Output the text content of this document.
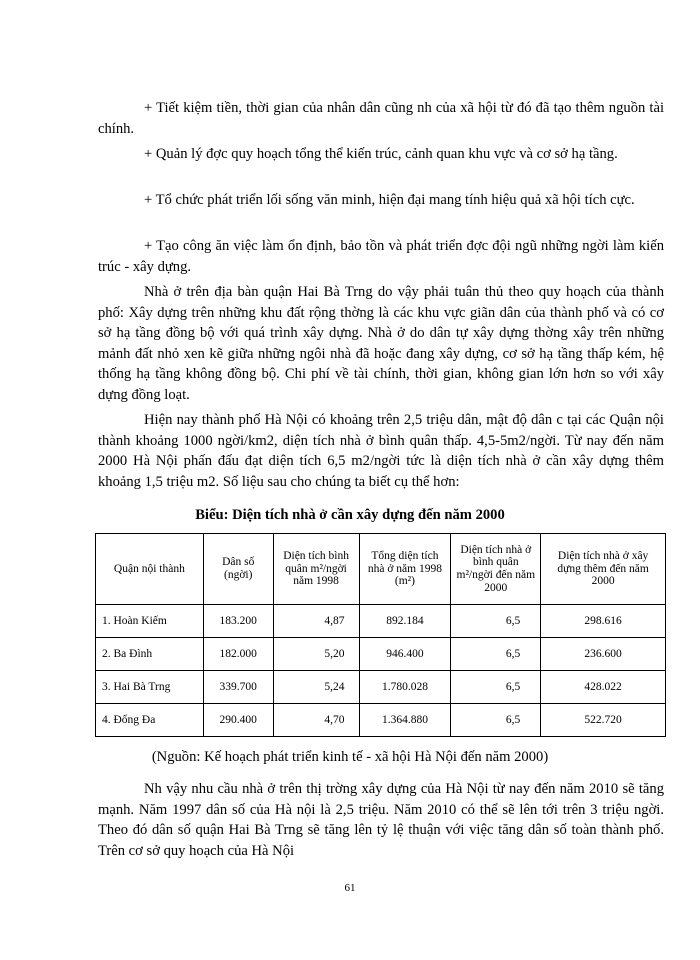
+ Tiết kiệm tiền, thời gian của nhân dân cũng nh của xã hội từ đó đã tạo thêm nguồn tài chính.

+ Quản lý đợc quy hoạch tổng thể kiến trúc, cảnh quan khu vực và cơ sở hạ tầng.

+ Tổ chức phát triển lối sống văn minh, hiện đại mang tính hiệu quả xã hội tích cực.

+ Tạo công ăn việc làm ổn định, bảo tồn và phát triển đợc đội ngũ những ngời làm kiến trúc - xây dựng.

Nhà ở trên địa bàn quận Hai Bà Trng do vậy phải tuân thủ theo quy hoạch của thành phố: Xây dựng trên những khu đất rộng thờng là các khu vực giãn dân của thành phố và có cơ sở hạ tầng đồng bộ với quá trình xây dựng. Nhà ở do dân tự xây dựng thờng xây trên những mảnh đất nhỏ xen kẽ giữa những ngôi nhà đã hoặc đang xây dựng, cơ sở hạ tầng thấp kém, hệ thống hạ tầng không đồng bộ. Chi phí về tài chính, thời gian, không gian lớn hơn so với xây dựng đồng loạt.

Hiện nay thành phố Hà Nội có khoảng trên 2,5 triệu dân, mật độ dân c tại các Quận nội thành khoảng 1000 ngời/km2, diện tích nhà ở bình quân thấp. 4,5-5m2/ngời. Từ nay đến năm 2000 Hà Nội phấn đấu đạt diện tích 6,5 m2/ngời tức là diện tích nhà ở cần xây dựng thêm khoảng 1,5 triệu m2. Số liệu sau cho chúng ta biết cụ thể hơn:

Biểu: Diện tích nhà ở cần xây dựng đến năm 2000

Quận nội thành	Dân số (ngời)	Diện tích bình quân m²/ngời năm 1998	Tổng diện tích nhà ở năm 1998 (m²)	Diện tích nhà ở bình quân m²/ngời đến năm 2000	Diện tích nhà ở xây dựng thêm đến năm 2000
1. Hoàn Kiếm	183.200	4,87	892.184	6,5	298.616
2. Ba Đình	182.000	5,20	946.400	6,5	236.600
3. Hai Bà Trng	339.700	5,24	1.780.028	6,5	428.022
4. Đống Đa	290.400	4,70	1.364.880	6,5	522.720

(Nguồn: Kế hoạch phát triển kinh tế - xã hội Hà Nội đến năm 2000)

Nh vậy nhu cầu nhà ở trên thị trờng xây dựng của Hà Nội từ nay đến năm 2010 sẽ tăng mạnh. Năm 1997 dân số của Hà nội là 2,5 triệu. Năm 2010 có thể sẽ lên tới trên 3 triệu ngời. Theo đó dân số quận Hai Bà Trng sẽ tăng lên tỷ lệ thuận với việc tăng dân số toàn thành phố. Trên cơ sở quy hoạch của Hà Nội

61
